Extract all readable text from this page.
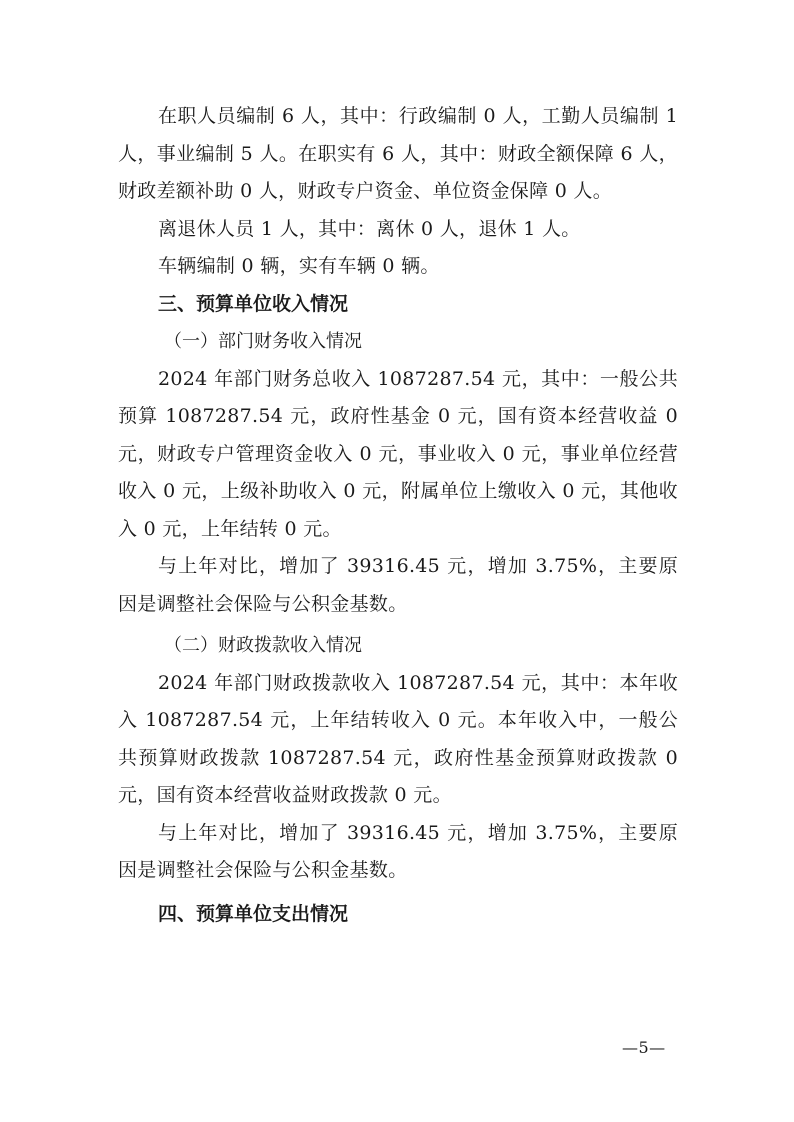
在职人员编制 6 人，其中：行政编制 0 人，工勤人员编制 1 人，事业编制 5 人。在职实有 6 人，其中：财政全额保障 6 人，财政差额补助 0 人，财政专户资金、单位资金保障 0 人。

离退休人员 1 人，其中：离休 0 人，退休 1 人。

车辆编制 0 辆，实有车辆 0 辆。

三、预算单位收入情况

（一）部门财务收入情况

2024 年部门财务总收入 1087287.54 元，其中：一般公共预算 1087287.54 元，政府性基金 0 元，国有资本经营收益 0 元，财政专户管理资金收入 0 元，事业收入 0 元，事业单位经营收入 0 元，上级补助收入 0 元，附属单位上缴收入 0 元，其他收入 0 元，上年结转 0 元。

与上年对比，增加了 39316.45 元，增加 3.75%，主要原因是调整社会保险与公积金基数。

（二）财政拨款收入情况

2024 年部门财政拨款收入 1087287.54 元，其中：本年收入 1087287.54 元，上年结转收入 0 元。本年收入中，一般公共预算财政拨款 1087287.54 元，政府性基金预算财政拨款 0 元，国有资本经营收益财政拨款 0 元。

与上年对比，增加了 39316.45 元，增加 3.75%，主要原因是调整社会保险与公积金基数。

四、预算单位支出情况

—5—
